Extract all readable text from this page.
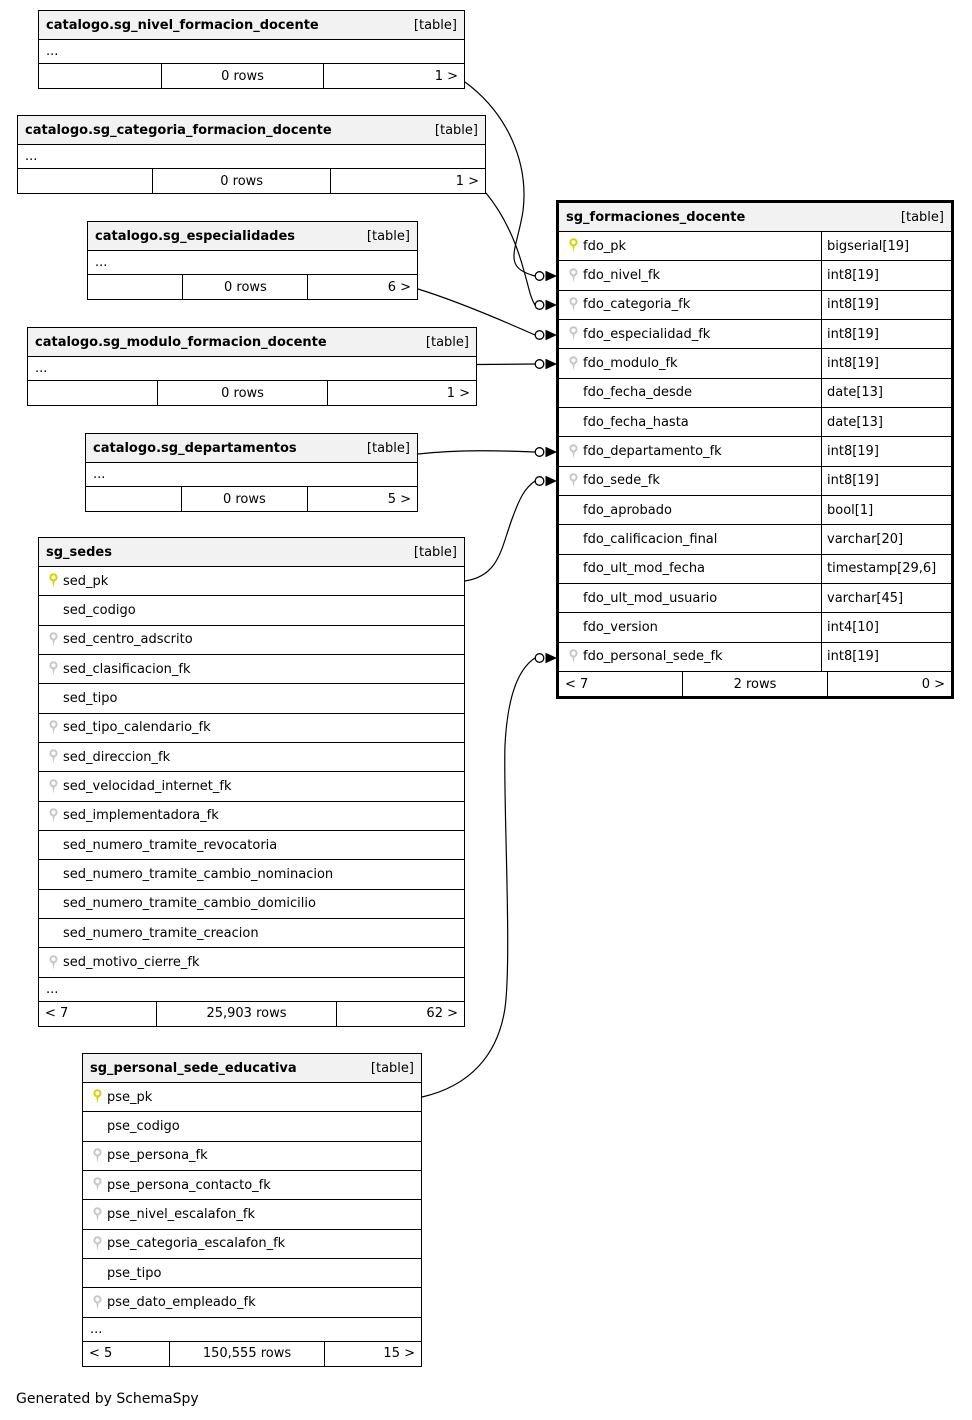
catalogo.sg_nivel_formacion_docente	[table]
...
0 rows	1 >
catalogo.sg_categoria_formacion_docente	[table]
...
0 rows	1 >
catalogo.sg_especialidades	[table]
...
0 rows	6 >
catalogo.sg_modulo_formacion_docente	[table]
...
0 rows	1 >
catalogo.sg_departamentos	[table]
...
0 rows	5 >
sg_sedes	[table]
sed_pk
sed_codigo
sed_centro_adscrito
sed_clasificacion_fk
sed_tipo
sed_tipo_calendario_fk
sed_direccion_fk
sed_velocidad_internet_fk
sed_implementadora_fk
sed_numero_tramite_revocatoria
sed_numero_tramite_cambio_nominacion
sed_numero_tramite_cambio_domicilio
sed_numero_tramite_creacion
sed_motivo_cierre_fk
...
< 7	25,903 rows	62 >
sg_formaciones_docente	[table]
fdo_pk	bigserial[19]
fdo_nivel_fk	int8[19]
fdo_categoria_fk	int8[19]
fdo_especialidad_fk	int8[19]
fdo_modulo_fk	int8[19]
fdo_fecha_desde	date[13]
fdo_fecha_hasta	date[13]
fdo_departamento_fk	int8[19]
fdo_sede_fk	int8[19]
fdo_aprobado	bool[1]
fdo_calificacion_final	varchar[20]
fdo_ult_mod_fecha	timestamp[29,6]
fdo_ult_mod_usuario	varchar[45]
fdo_version	int4[10]
fdo_personal_sede_fk	int8[19]
< 7	2 rows	0 >
sg_personal_sede_educativa	[table]
pse_pk
pse_codigo
pse_persona_fk
pse_persona_contacto_fk
pse_nivel_escalafon_fk
pse_categoria_escalafon_fk
pse_tipo
pse_dato_empleado_fk
...
< 5	150,555 rows	15 >
Generated by SchemaSpy
